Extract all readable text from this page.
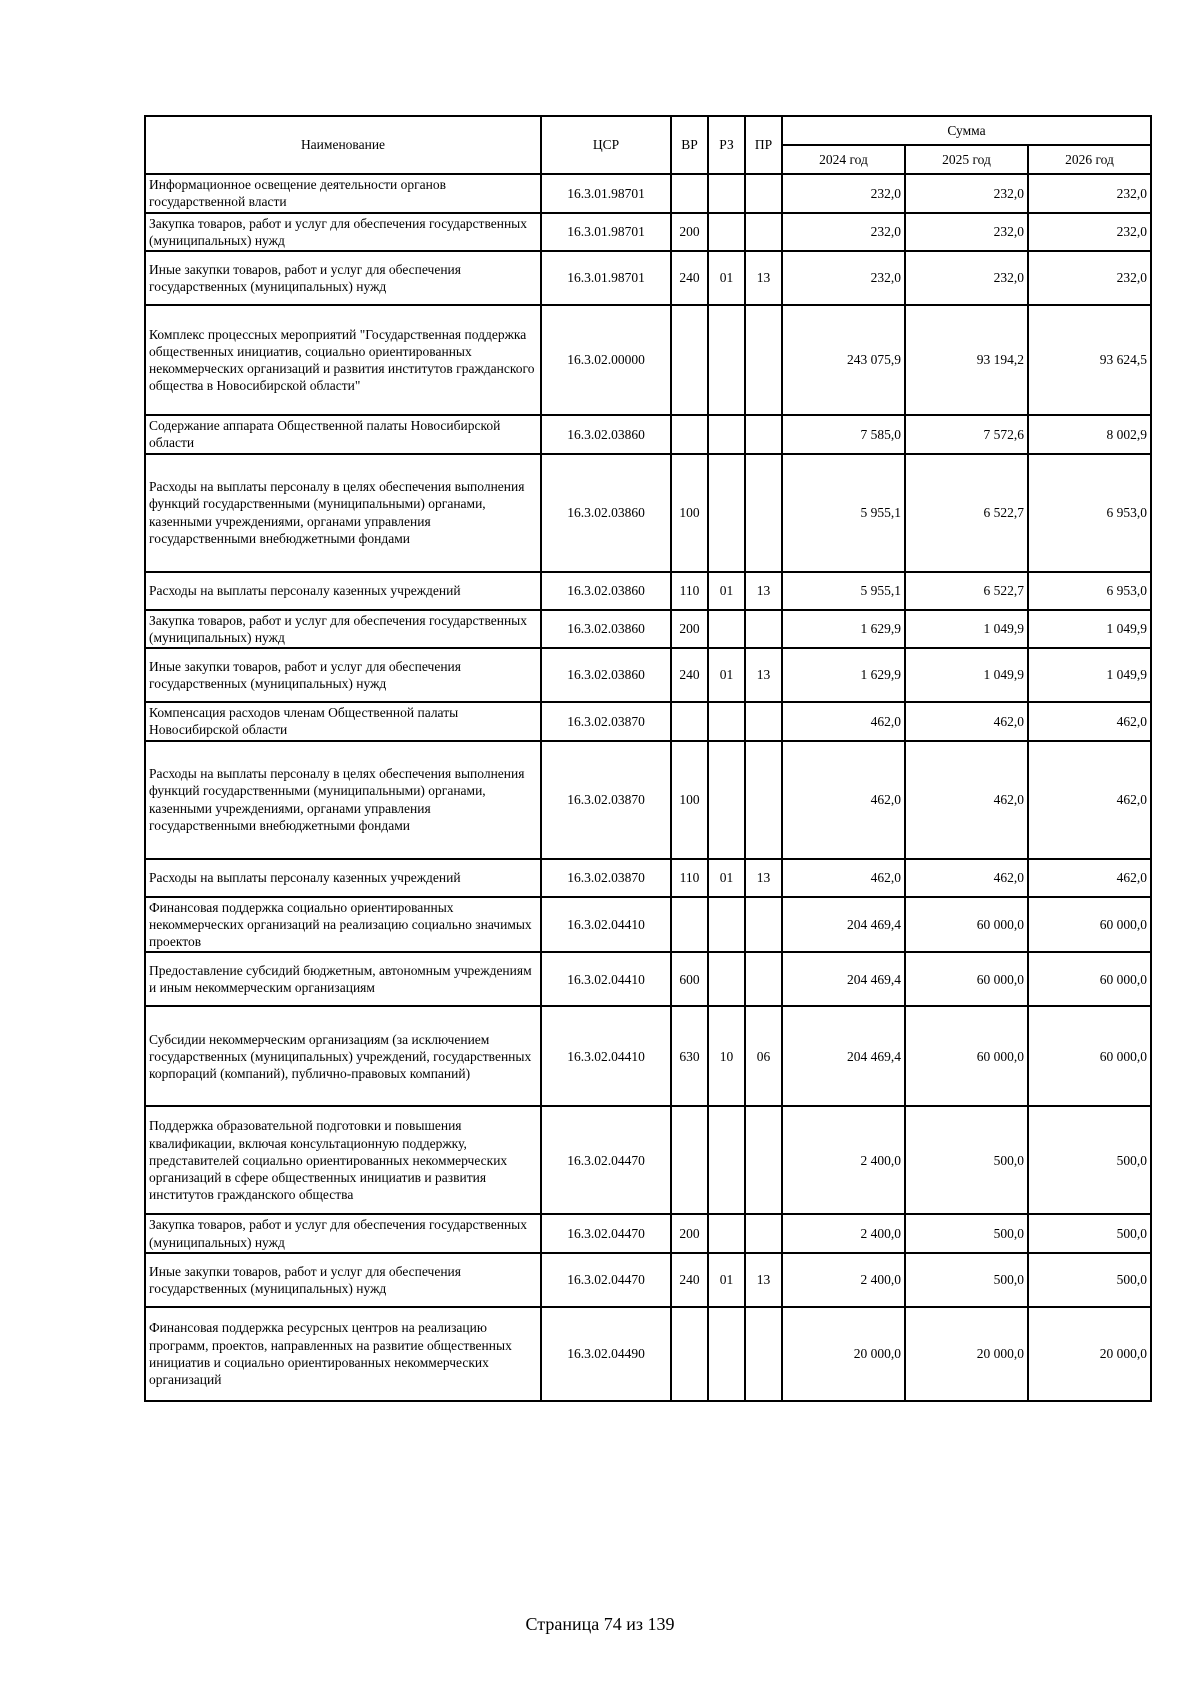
Наименование	ЦСР	ВР	РЗ	ПР	Сумма		
					2024 год	2025 год	2026 год
Информационное освещение деятельности органов государственной власти	16.3.01.98701				232,0	232,0	232,0
Закупка товаров, работ и услуг для обеспечения государственных (муниципальных) нужд	16.3.01.98701	200			232,0	232,0	232,0
Иные закупки товаров, работ и услуг для обеспечения государственных (муниципальных) нужд	16.3.01.98701	240	01	13	232,0	232,0	232,0
Комплекс процессных мероприятий "Государственная поддержка общественных инициатив, социально ориентированных некоммерческих организаций и развития институтов гражданского общества в Новосибирской области"	16.3.02.00000				243 075,9	93 194,2	93 624,5
Содержание аппарата Общественной палаты Новосибирской области	16.3.02.03860				7 585,0	7 572,6	8 002,9
Расходы на выплаты персоналу в целях обеспечения выполнения функций государственными (муниципальными) органами, казенными учреждениями, органами управления государственными внебюджетными фондами	16.3.02.03860	100			5 955,1	6 522,7	6 953,0
Расходы на выплаты персоналу казенных учреждений	16.3.02.03860	110	01	13	5 955,1	6 522,7	6 953,0
Закупка товаров, работ и услуг для обеспечения государственных (муниципальных) нужд	16.3.02.03860	200			1 629,9	1 049,9	1 049,9
Иные закупки товаров, работ и услуг для обеспечения государственных (муниципальных) нужд	16.3.02.03860	240	01	13	1 629,9	1 049,9	1 049,9
Компенсация расходов членам Общественной палаты Новосибирской области	16.3.02.03870				462,0	462,0	462,0
Расходы на выплаты персоналу в целях обеспечения выполнения функций государственными (муниципальными) органами, казенными учреждениями, органами управления государственными внебюджетными фондами	16.3.02.03870	100			462,0	462,0	462,0
Расходы на выплаты персоналу казенных учреждений	16.3.02.03870	110	01	13	462,0	462,0	462,0
Финансовая поддержка социально ориентированных некоммерческих организаций на реализацию социально значимых проектов	16.3.02.04410				204 469,4	60 000,0	60 000,0
Предоставление субсидий бюджетным, автономным учреждениям и иным некоммерческим организациям	16.3.02.04410	600			204 469,4	60 000,0	60 000,0
Субсидии некоммерческим организациям (за исключением государственных (муниципальных) учреждений, государственных корпораций (компаний), публично-правовых компаний)	16.3.02.04410	630	10	06	204 469,4	60 000,0	60 000,0
Поддержка образовательной подготовки и повышения квалификации, включая консультационную поддержку, представителей социально ориентированных некоммерческих организаций в сфере общественных инициатив и развития институтов гражданского общества	16.3.02.04470				2 400,0	500,0	500,0
Закупка товаров, работ и услуг для обеспечения государственных (муниципальных) нужд	16.3.02.04470	200			2 400,0	500,0	500,0
Иные закупки товаров, работ и услуг для обеспечения государственных (муниципальных) нужд	16.3.02.04470	240	01	13	2 400,0	500,0	500,0
Финансовая поддержка ресурсных центров на реализацию программ, проектов, направленных на развитие общественных инициатив и социально ориентированных некоммерческих организаций	16.3.02.04490				20 000,0	20 000,0	20 000,0
Страница 74 из 139
